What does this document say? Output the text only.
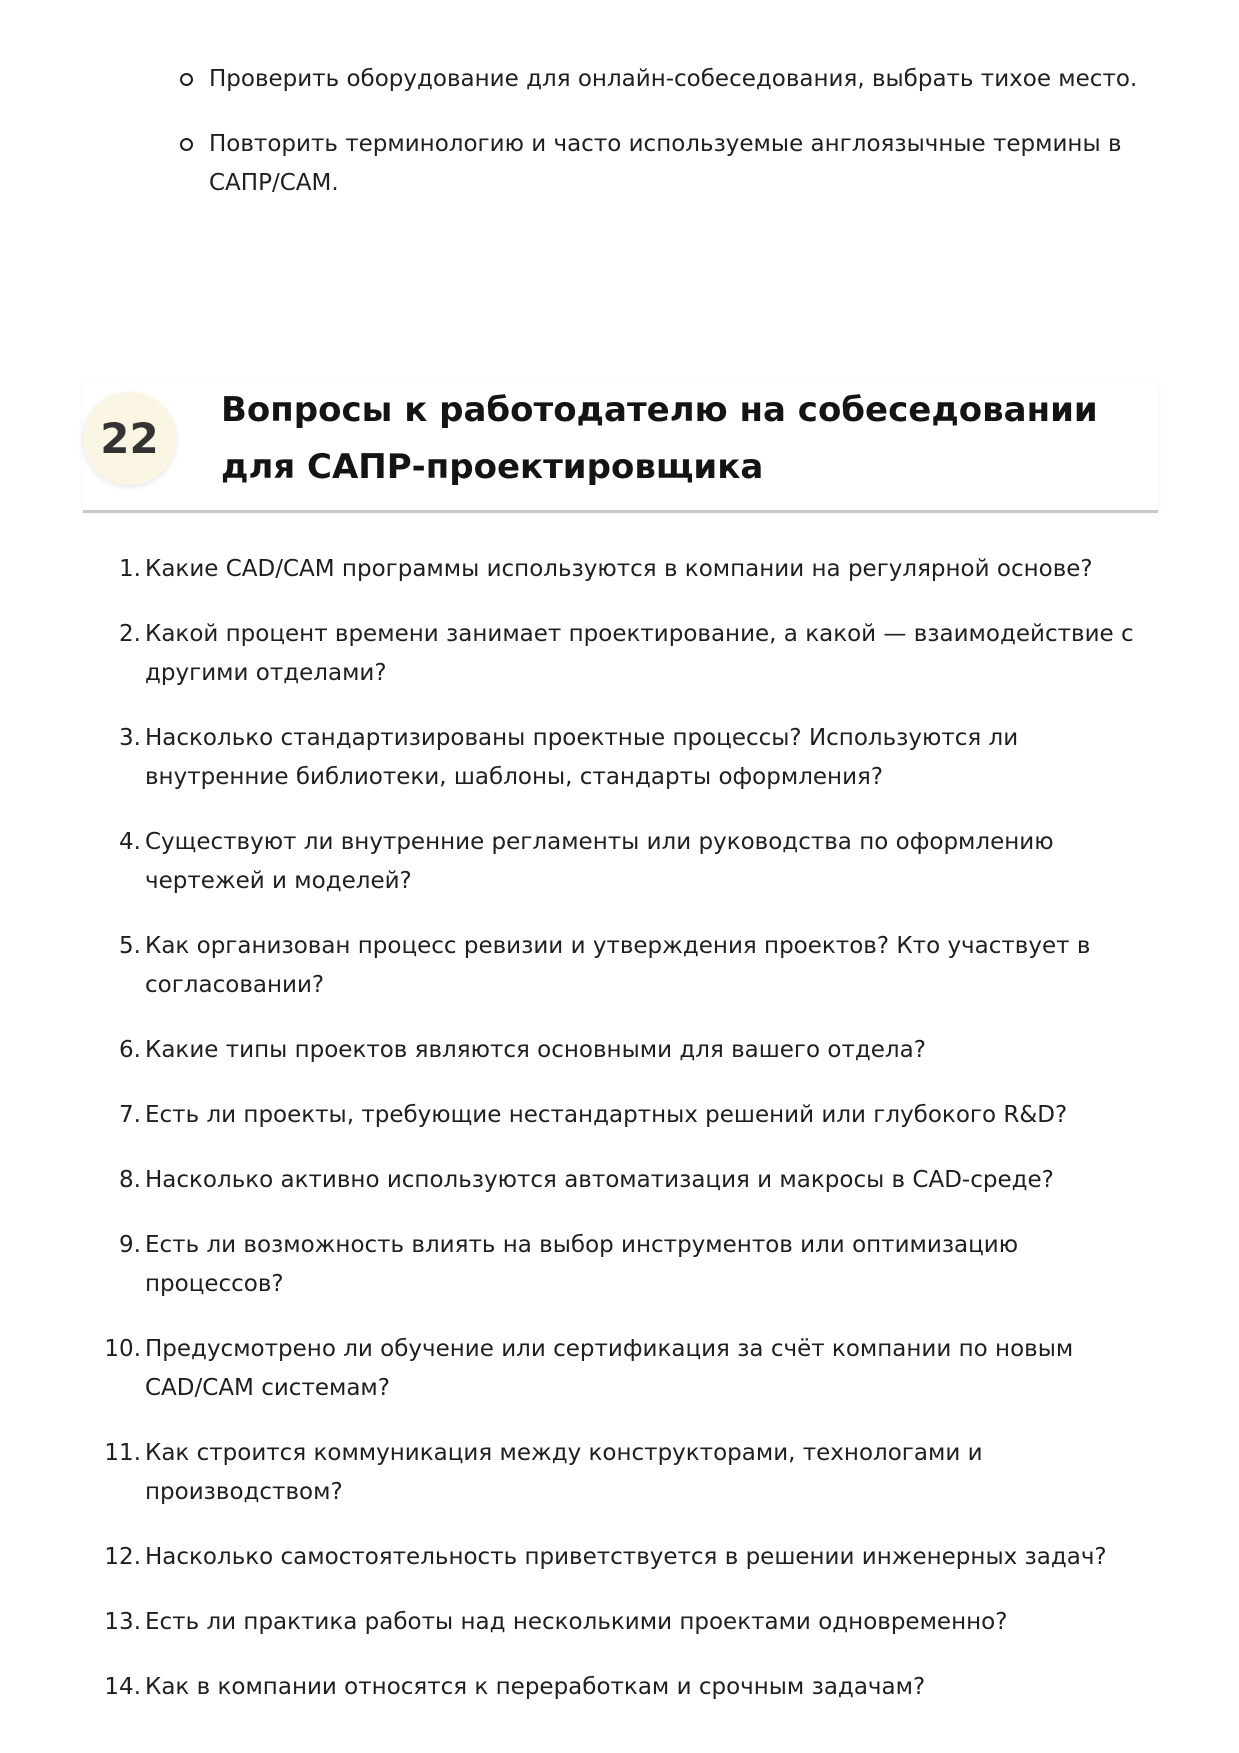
Проверить оборудование для онлайн-собеседования, выбрать тихое место.
Повторить терминологию и часто используемые англоязычные термины в САПР/CAM.
22
Вопросы к работодателю на собеседовании для САПР-проектировщика
1. Какие CAD/CAM программы используются в компании на регулярной основе?
2. Какой процент времени занимает проектирование, а какой — взаимодействие с другими отделами?
3. Насколько стандартизированы проектные процессы? Используются ли внутренние библиотеки, шаблоны, стандарты оформления?
4. Существуют ли внутренние регламенты или руководства по оформлению чертежей и моделей?
5. Как организован процесс ревизии и утверждения проектов? Кто участвует в согласовании?
6. Какие типы проектов являются основными для вашего отдела?
7. Есть ли проекты, требующие нестандартных решений или глубокого R&D?
8. Насколько активно используются автоматизация и макросы в CAD-среде?
9. Есть ли возможность влиять на выбор инструментов или оптимизацию процессов?
10. Предусмотрено ли обучение или сертификация за счёт компании по новым CAD/CAM системам?
11. Как строится коммуникация между конструкторами, технологами и производством?
12. Насколько самостоятельность приветствуется в решении инженерных задач?
13. Есть ли практика работы над несколькими проектами одновременно?
14. Как в компании относятся к переработкам и срочным задачам?
